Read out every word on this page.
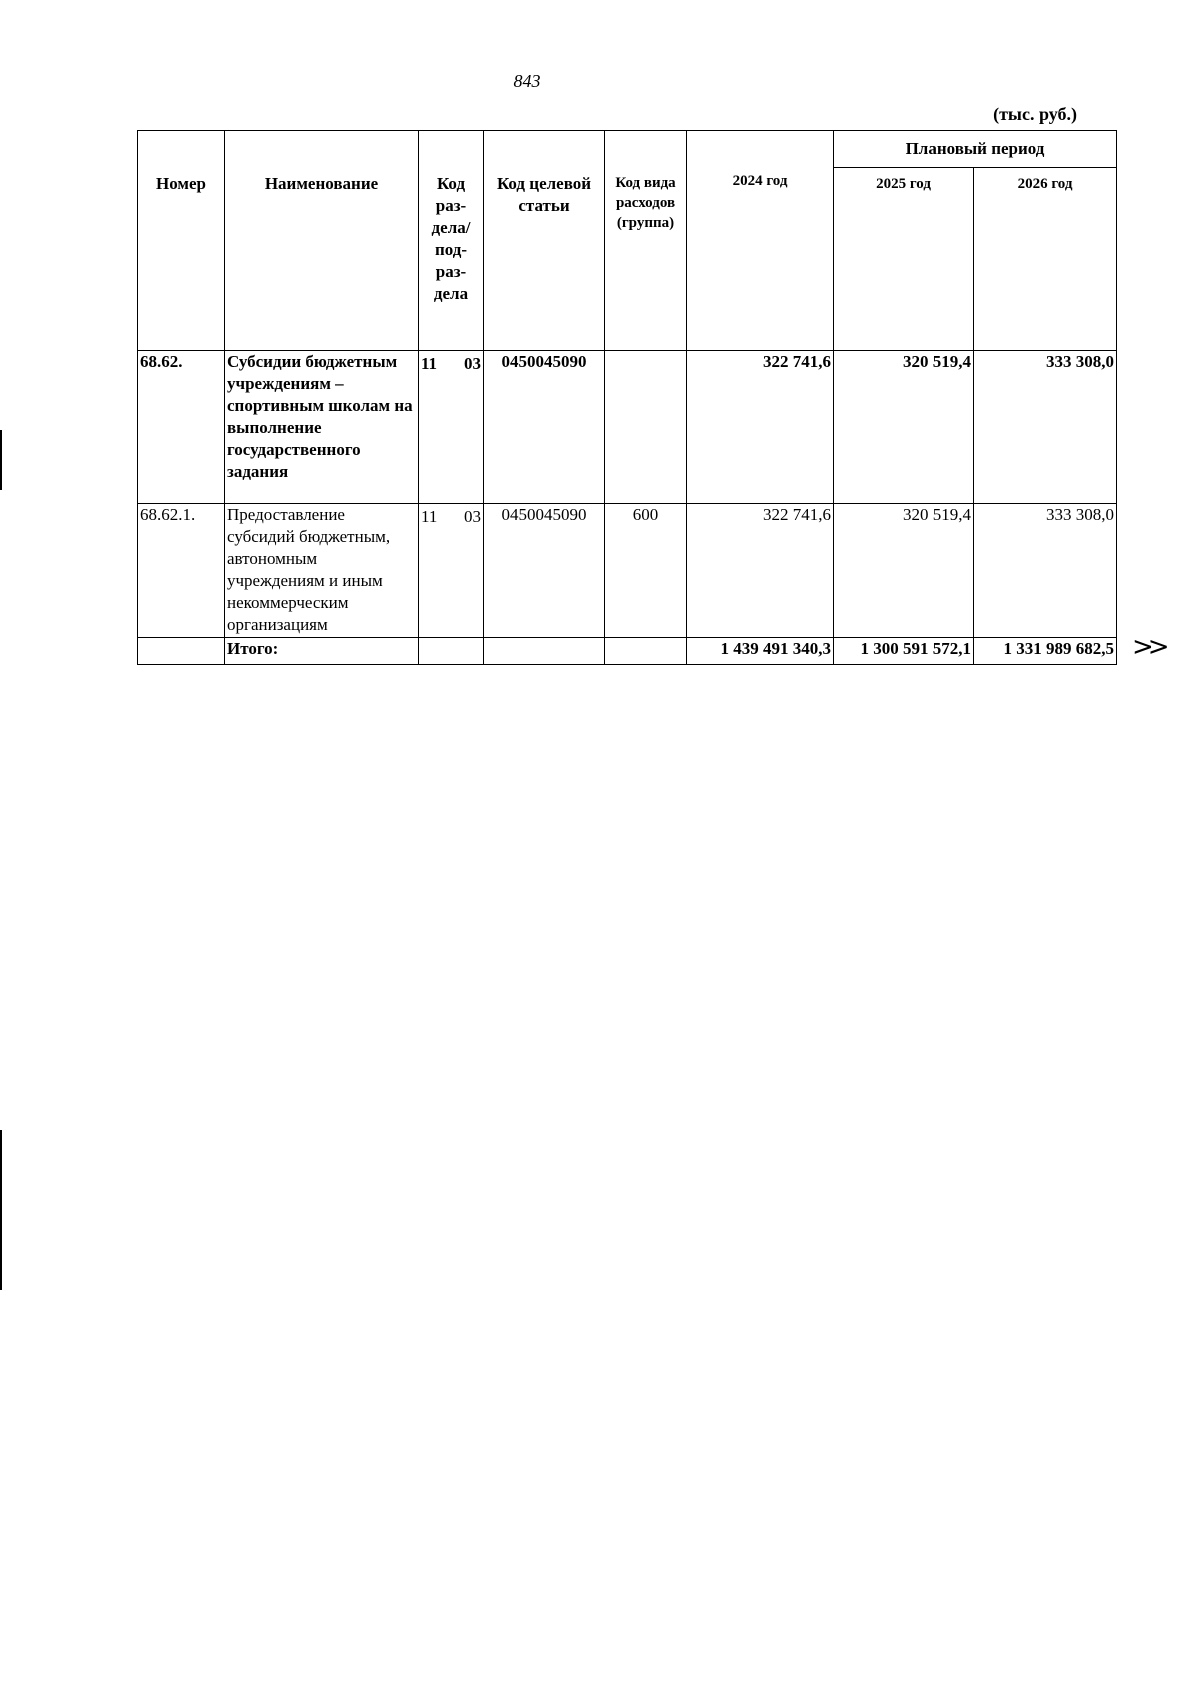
843
(тыс. руб.)
Номер	Наименование	Код раз-дела/ под-раз-дела	Код целевой статьи	Код вида расходов (группа)	2024 год	Плановый период	
						2025 год	2026 год
68.62.	Субсидии бюджетным учреждениям – спортивным школам на выполнение государственного задания	11 03	0450045090		322 741,6	320 519,4	333 308,0
68.62.1.	Предоставление субсидий бюджетным, автономным учреждениям и иным некоммерческим организациям	11 03	0450045090	600	322 741,6	320 519,4	333 308,0
	Итого:				1 439 491 340,3	1 300 591 572,1	1 331 989 682,5 >>
